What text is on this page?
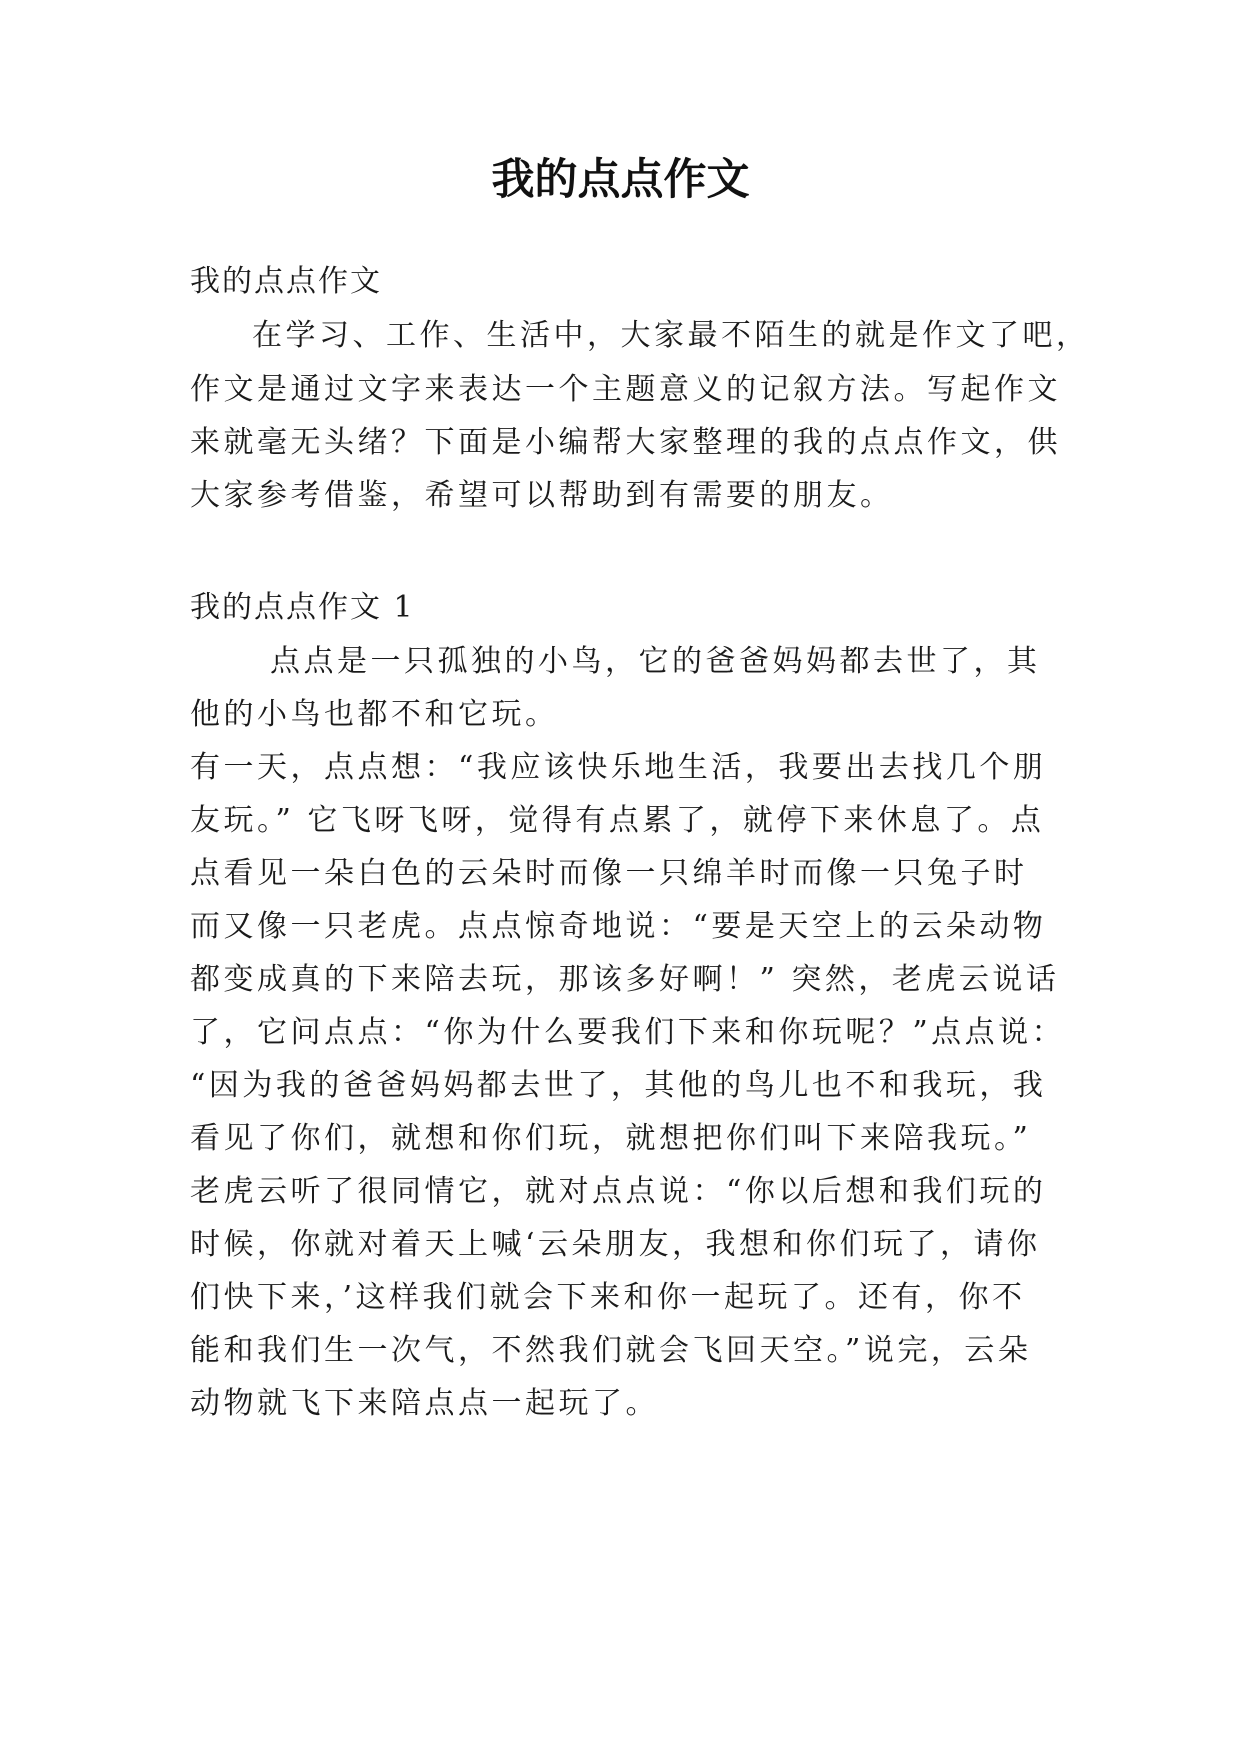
我的点点作文

我的点点作文

在学习、工作、生活中，大家最不陌生的就是作文了吧，

作文是通过文字来表达一个主题意义的记叙方法。写起作文

来就毫无头绪？下面是小编帮大家整理的我的点点作文，供

大家参考借鉴，希望可以帮助到有需要的朋友。

我的点点作文 1

点点是一只孤独的小鸟，它的爸爸妈妈都去世了，其

他的小鸟也都不和它玩。

有一天，点点想：“我应该快乐地生活，我要出去找几个朋

友玩。” 它飞呀飞呀，觉得有点累了，就停下来休息了。点

点看见一朵白色的云朵时而像一只绵羊时而像一只兔子时

而又像一只老虎。点点惊奇地说：“要是天空上的云朵动物

都变成真的下来陪去玩，那该多好啊！” 突然，老虎云说话

了，它问点点：“你为什么要我们下来和你玩呢？”点点说：

“因为我的爸爸妈妈都去世了，其他的鸟儿也不和我玩，我

看见了你们，就想和你们玩，就想把你们叫下来陪我玩。”

老虎云听了很同情它，就对点点说：“你以后想和我们玩的

时候，你就对着天上喊‘云朵朋友，我想和你们玩了，请你

们快下来，’这样我们就会下来和你一起玩了。还有，你不

能和我们生一次气，不然我们就会飞回天空。”说完，云朵

动物就飞下来陪点点一起玩了。
